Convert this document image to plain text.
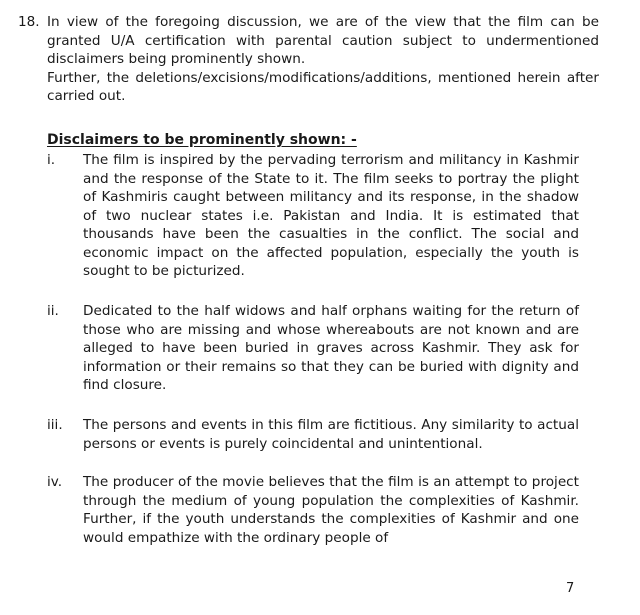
18. In view of the foregoing discussion, we are of the view that the film can be granted U/A certification with parental caution subject to undermentioned disclaimers being prominently shown.

Further, the deletions/excisions/modifications/additions, mentioned herein after carried out.

Disclaimers to be prominently shown: -
i. The film is inspired by the pervading terrorism and militancy in Kashmir and the response of the State to it. The film seeks to portray the plight of Kashmiris caught between militancy and its response, in the shadow of two nuclear states i.e. Pakistan and India. It is estimated that thousands have been the casualties in the conflict. The social and economic impact on the affected population, especially the youth is sought to be picturized.
ii. Dedicated to the half widows and half orphans waiting for the return of those who are missing and whose whereabouts are not known and are alleged to have been buried in graves across Kashmir. They ask for information or their remains so that they can be buried with dignity and find closure.
iii. The persons and events in this film are fictitious. Any similarity to actual persons or events is purely coincidental and unintentional.
iv. The producer of the movie believes that the film is an attempt to project through the medium of young population the complexities of Kashmir. Further, if the youth understands the complexities of Kashmir and one would empathize with the ordinary people of
7
